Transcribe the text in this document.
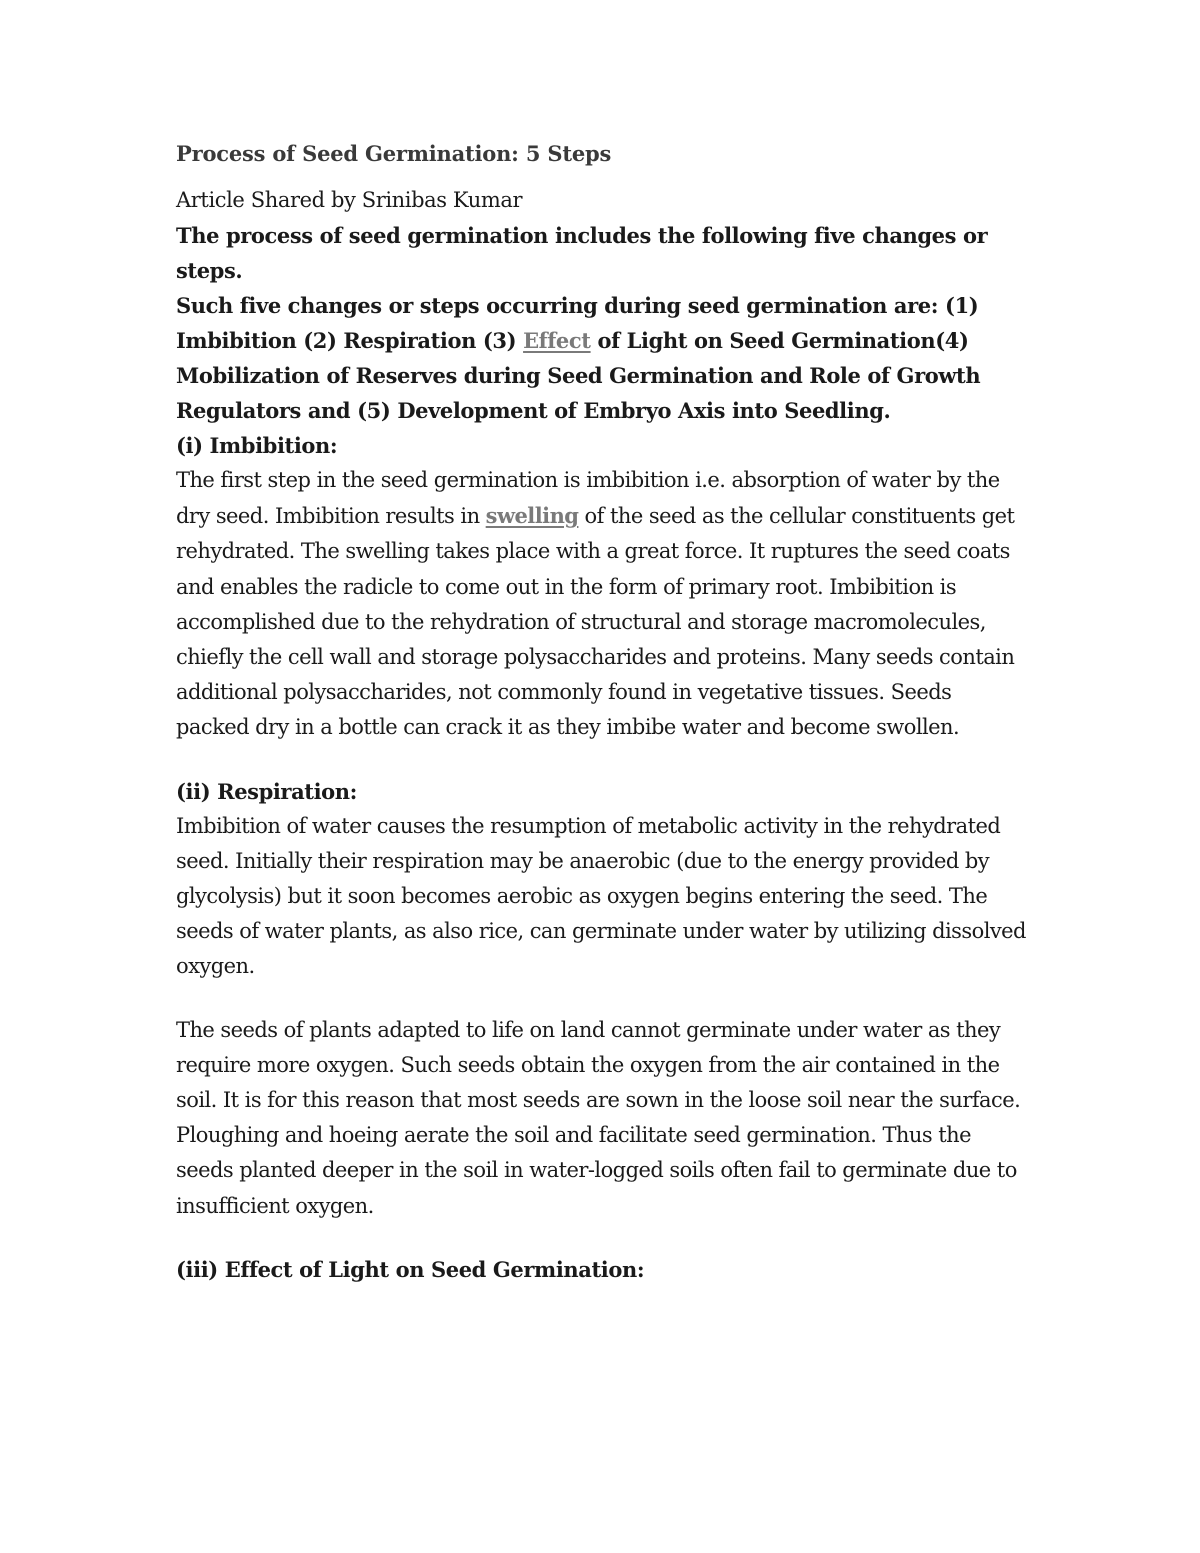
Process of Seed Germination: 5 Steps

Article Shared by Srinibas Kumar

The process of seed germination includes the following five changes or steps.

Such five changes or steps occurring during seed germination are: (1) Imbibition (2) Respiration (3) Effect of Light on Seed Germination(4) Mobilization of Reserves during Seed Germination and Role of Growth Regulators and (5) Development of Embryo Axis into Seedling.

(i) Imbibition:

The first step in the seed germination is imbibition i.e. absorption of water by the dry seed. Imbibition results in swelling of the seed as the cellular constituents get rehydrated. The swelling takes place with a great force. It ruptures the seed coats and enables the radicle to come out in the form of primary root. Imbibition is accomplished due to the rehydration of structural and storage macromolecules, chiefly the cell wall and storage polysaccharides and proteins. Many seeds contain additional polysaccharides, not commonly found in vegetative tissues. Seeds packed dry in a bottle can crack it as they imbibe water and become swollen.

(ii) Respiration:

Imbibition of water causes the resumption of metabolic activity in the rehydrated seed. Initially their respiration may be anaerobic (due to the energy provided by glycolysis) but it soon becomes aerobic as oxygen begins entering the seed. The seeds of water plants, as also rice, can germinate under water by utilizing dissolved oxygen.

The seeds of plants adapted to life on land cannot germinate under water as they require more oxygen. Such seeds obtain the oxygen from the air contained in the soil. It is for this reason that most seeds are sown in the loose soil near the surface. Ploughing and hoeing aerate the soil and facilitate seed germination. Thus the seeds planted deeper in the soil in water-logged soils often fail to germinate due to insufficient oxygen.

(iii) Effect of Light on Seed Germination:
